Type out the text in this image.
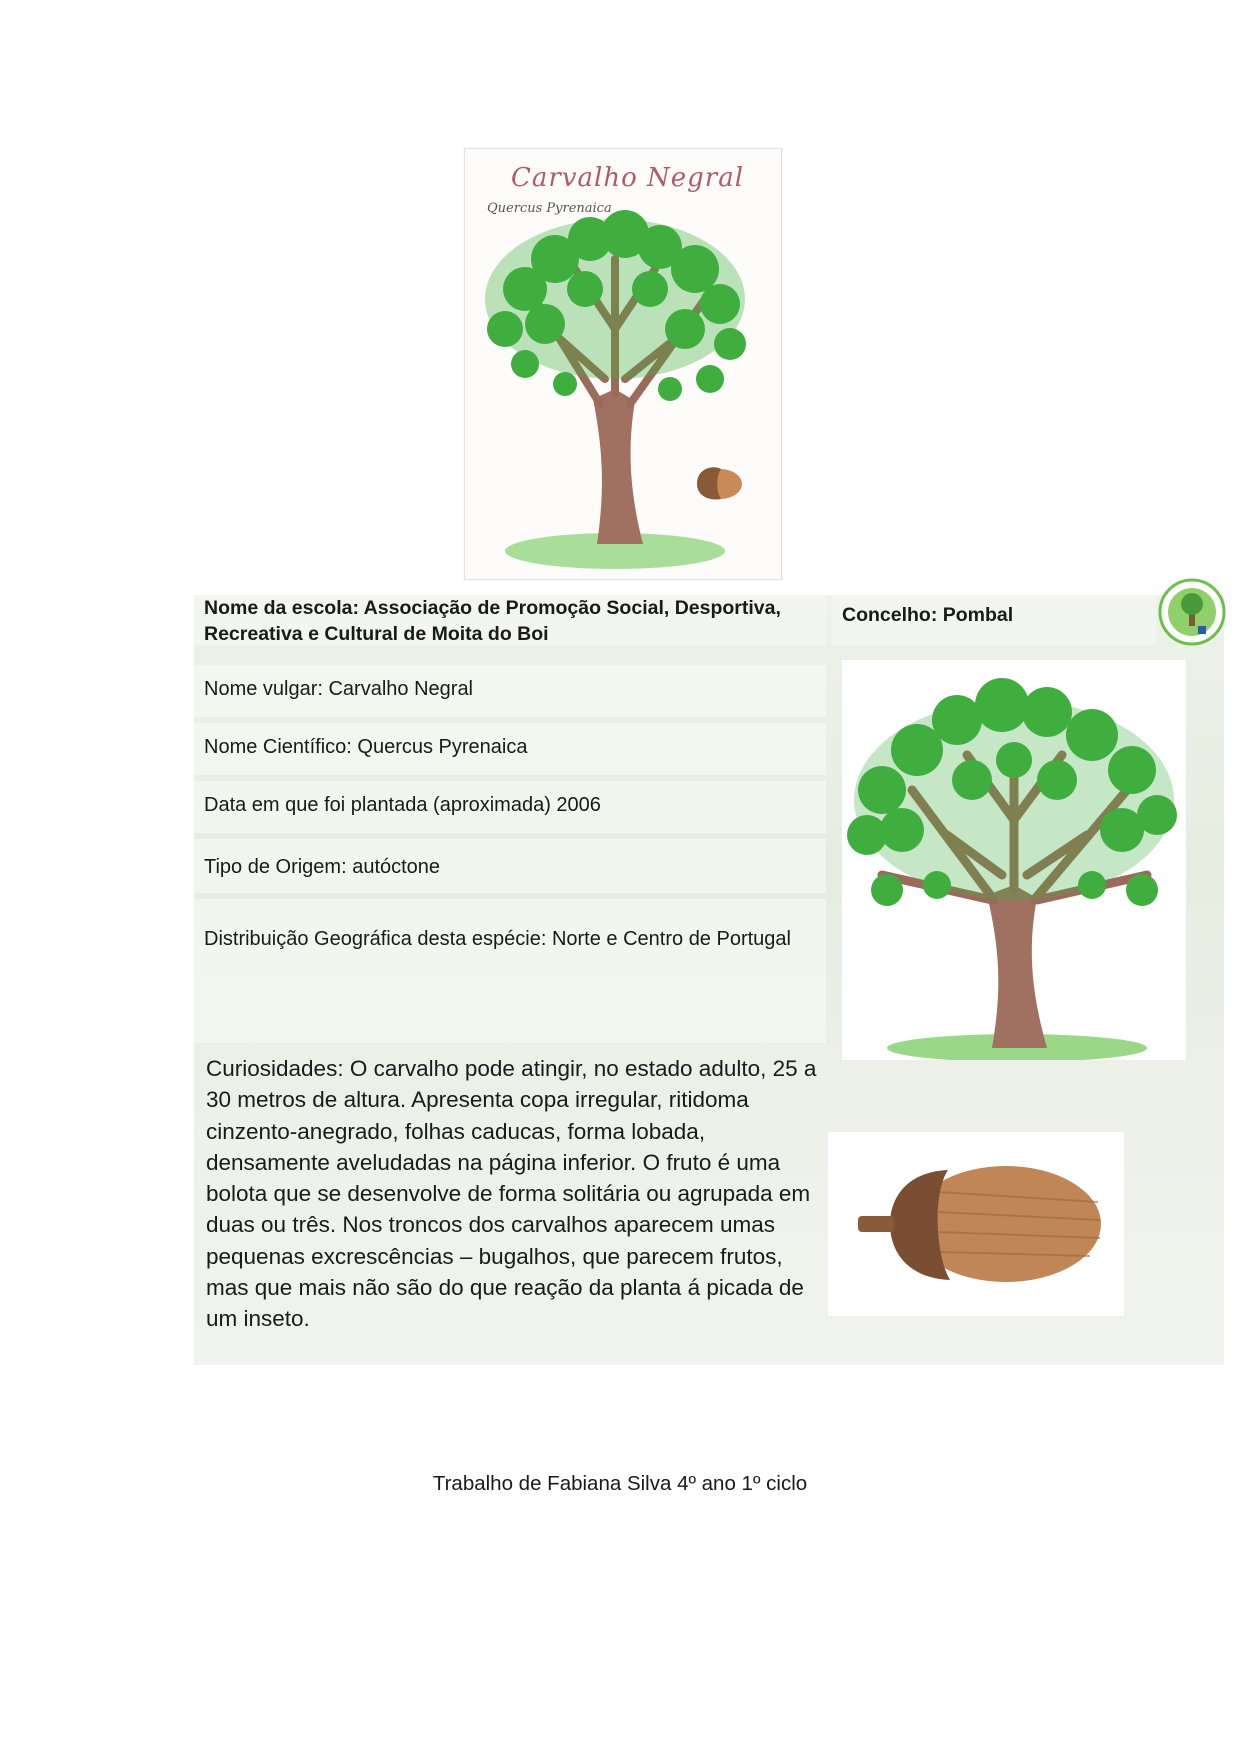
Carvalho Negral
Quercus Pyrenaica
Nome da escola: Associação de Promoção Social, Desportiva, Recreativa e Cultural de Moita do Boi
Concelho: Pombal
Nome vulgar: Carvalho Negral
Nome Científico: Quercus Pyrenaica
Data em que foi plantada (aproximada) 2006
Tipo de Origem: autóctone
Distribuição Geográfica desta espécie: Norte e Centro de Portugal
Curiosidades: O carvalho pode atingir, no estado adulto, 25 a 30 metros de altura. Apresenta copa irregular, ritidoma cinzento-anegrado, folhas caducas, forma lobada, densamente aveludadas na página inferior. O fruto é uma bolota que se desenvolve de forma solitária ou agrupada em duas ou três. Nos troncos dos carvalhos aparecem umas pequenas excrescências – bugalhos, que parecem frutos, mas que mais não são do que reação da planta á picada de um inseto.
Trabalho de Fabiana Silva 4º ano 1º ciclo
